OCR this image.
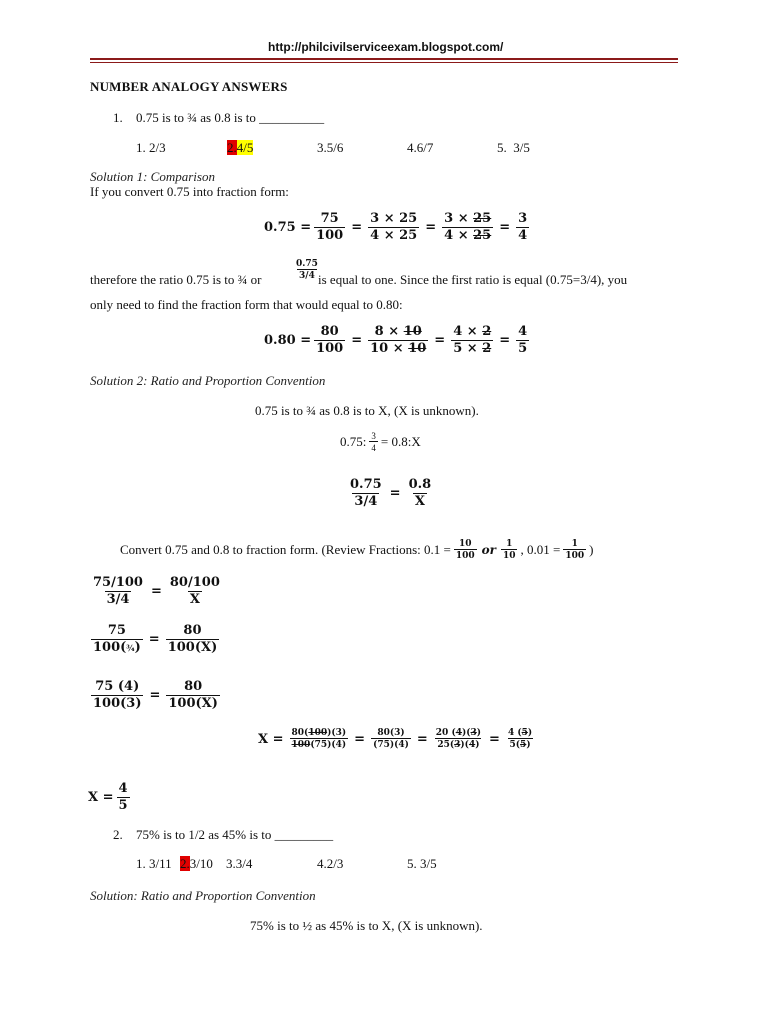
http://philcivilserviceexam.blogspot.com/
NUMBER ANALOGY ANSWERS
1. 0.75 is to ¾ as 0.8 is to __________
1. 2/3	2.4/5	3.5/6	4.6/7	5. 3/5
Solution 1: Comparison
If you convert 0.75 into fraction form:
$0.75 = \frac{75}{100} = \frac{3 \times 25}{4 \times 25} = \frac{3 \times 25}{4 \times 25} = \frac{3}{4}$
therefore the ratio 0.75 is to ¾ or	$\frac{0.75}{3/4}$
is equal to one. Since the first ratio is equal (0.75=3/4), you
only need to find the fraction form that would equal to 0.80:
$0.80 = \frac{80}{100} = \frac{8 \times 10}{10 \times 10} = \frac{4 \times 2}{5 \times 2} = \frac{4}{5}$
Solution 2: Ratio and Proportion Convention
0.75 is to ¾ as 0.8 is to X, (X is unknown).
0.75: $\frac{3}{4}$ = 0.8:X
$\frac{0.75}{3/4} = \frac{0.8}{X}$
Convert 0.75 and 0.8 to fraction form. (Review Fractions: $0.1 = \frac{10}{100}$ or $\frac{1}{10}$ , $0.01 = \frac{1}{100}$ )
$\frac{75/100}{3/4} = \frac{80/100}{X}$
$\frac{75}{\text{100(¾)}} = \frac{80}{100(X)}$
$\frac{75 (4)}{100(3)} = \frac{80}{100(X)}$
$X = \frac{80(100)(3)}{100(75)(4)} = \frac{80(3)}{(75)(4)} = \frac{20 (4)(3)}{25(3)(4)} = \frac{4 (5)}{5(5)}$
$X = \frac{4}{5}$
2. 75% is to 1/2 as 45% is to _________
1. 3/11 2.3/10 3.3/4	4.2/3	5. 3/5
Solution: Ratio and Proportion Convention
75% is to ½ as 45% is to X, (X is unknown).
